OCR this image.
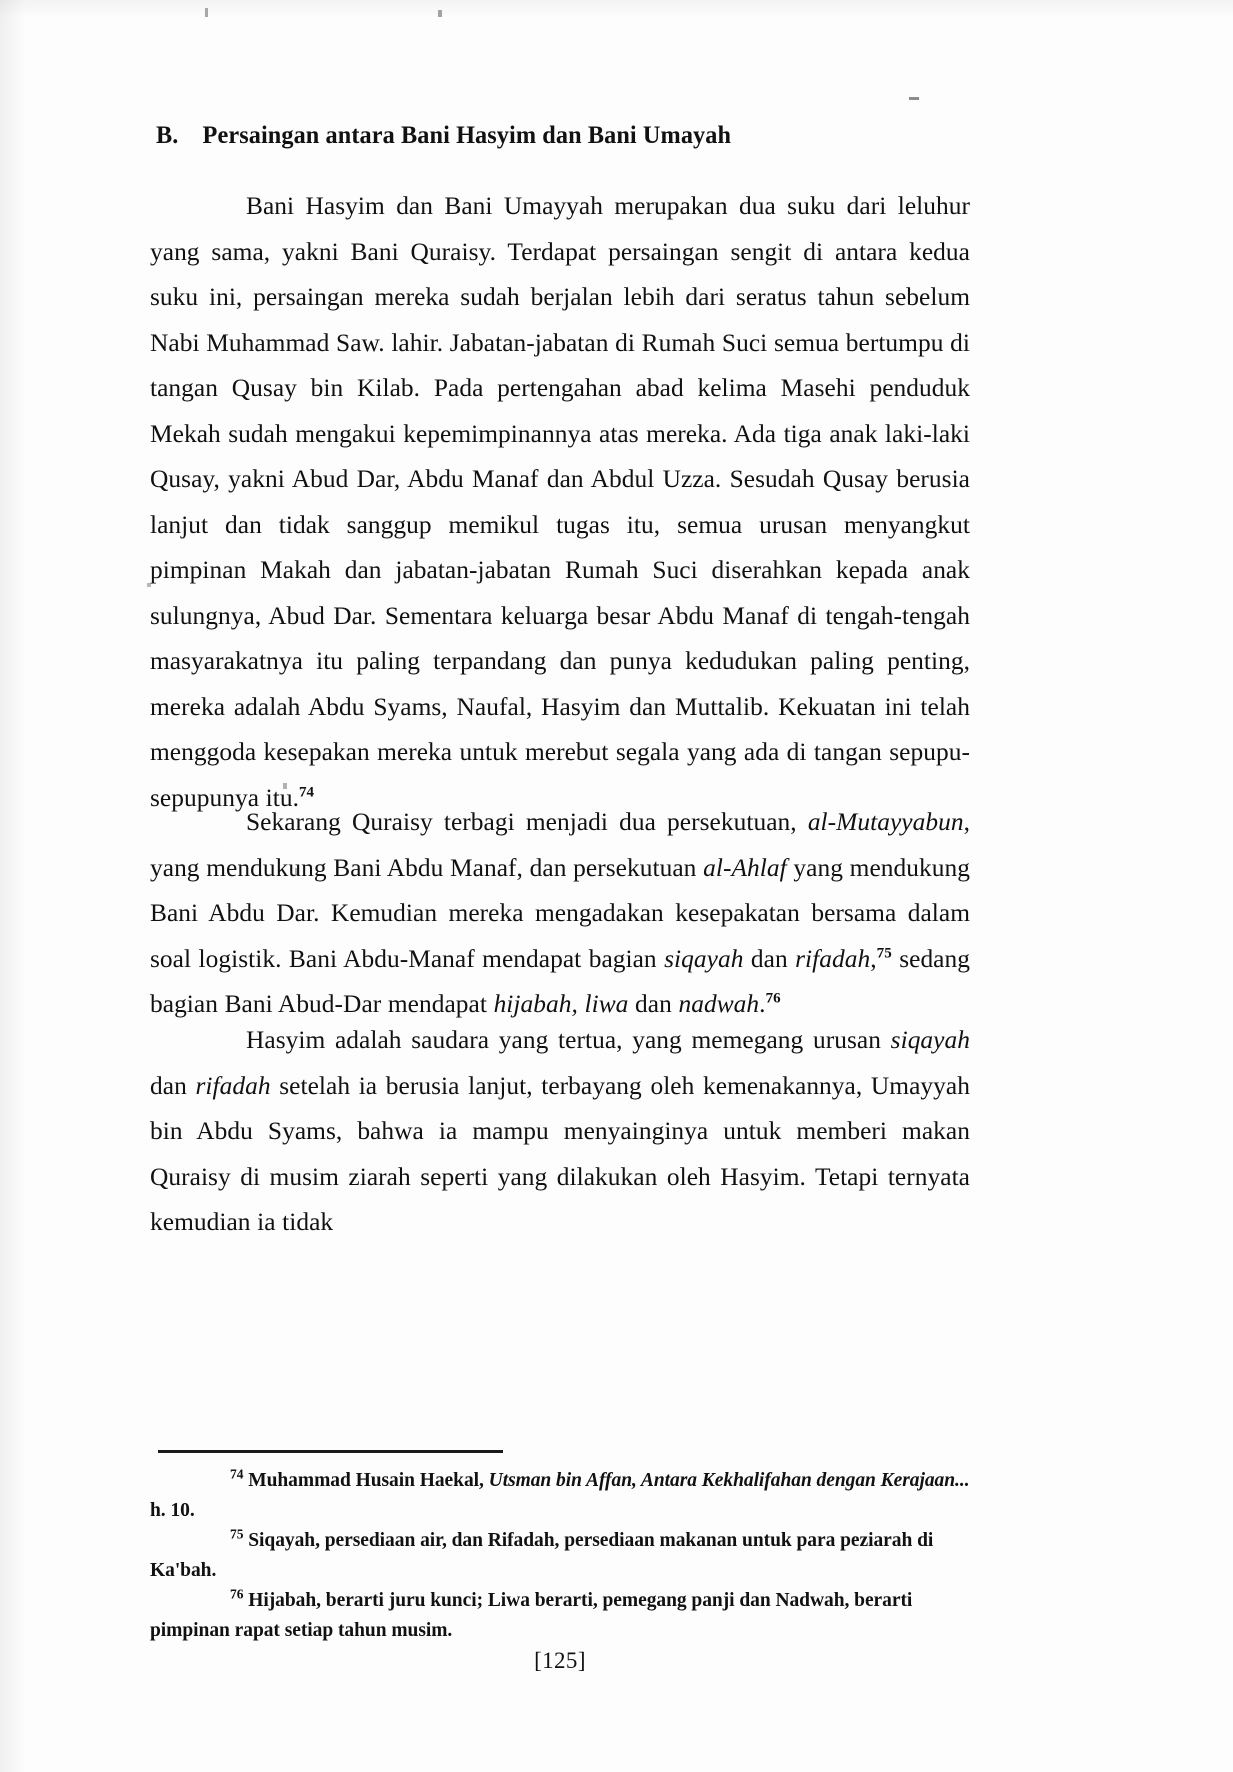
B. Persaingan antara Bani Hasyim dan Bani Umayah

Bani Hasyim dan Bani Umayyah merupakan dua suku dari leluhur yang sama, yakni Bani Quraisy. Terdapat persaingan sengit di antara kedua suku ini, persaingan mereka sudah berjalan lebih dari seratus tahun sebelum Nabi Muhammad Saw. lahir. Jabatan-jabatan di Rumah Suci semua bertumpu di tangan Qusay bin Kilab. Pada pertengahan abad kelima Masehi penduduk Mekah sudah mengakui kepemimpinannya atas mereka. Ada tiga anak laki-laki Qusay, yakni Abud Dar, Abdu Manaf dan Abdul Uzza. Sesudah Qusay berusia lanjut dan tidak sanggup memikul tugas itu, semua urusan menyangkut pimpinan Makah dan jabatan-jabatan Rumah Suci diserahkan kepada anak sulungnya, Abud Dar. Sementara keluarga besar Abdu Manaf di tengah-tengah masyarakatnya itu paling terpandang dan punya kedudukan paling penting, mereka adalah Abdu Syams, Naufal, Hasyim dan Muttalib. Kekuatan ini telah menggoda kesepakan mereka untuk merebut segala yang ada di tangan sepupu-sepupunya itu.$^{74}$

Sekarang Quraisy terbagi menjadi dua persekutuan, al-Mutayyabun, yang mendukung Bani Abdu Manaf, dan persekutuan al-Ahlaf yang mendukung Bani Abdu Dar. Kemudian mereka mengadakan kesepakatan bersama dalam soal logistik. Bani Abdu-Manaf mendapat bagian siqayah dan rifadah,$^{75}$ sedang bagian Bani Abud-Dar mendapat hijabah, liwa dan nadwah.$^{76}$

Hasyim adalah saudara yang tertua, yang memegang urusan siqayah dan rifadah setelah ia berusia lanjut, terbayang oleh kemenakannya, Umayyah bin Abdu Syams, bahwa ia mampu menyainginya untuk memberi makan Quraisy di musim ziarah seperti yang dilakukan oleh Hasyim. Tetapi ternyata kemudian ia tidak

$^{74}$ Muhammad Husain Haekal, Utsman bin Affan, Antara Kekhalifahan dengan Kerajaan... h. 10.

$^{75}$ Siqayah, persediaan air, dan Rifadah, persediaan makanan untuk para peziarah di Ka'bah.

$^{76}$ Hijabah, berarti juru kunci; Liwa berarti, pemegang panji dan Nadwah, berarti pimpinan rapat setiap tahun musim.

[125]
